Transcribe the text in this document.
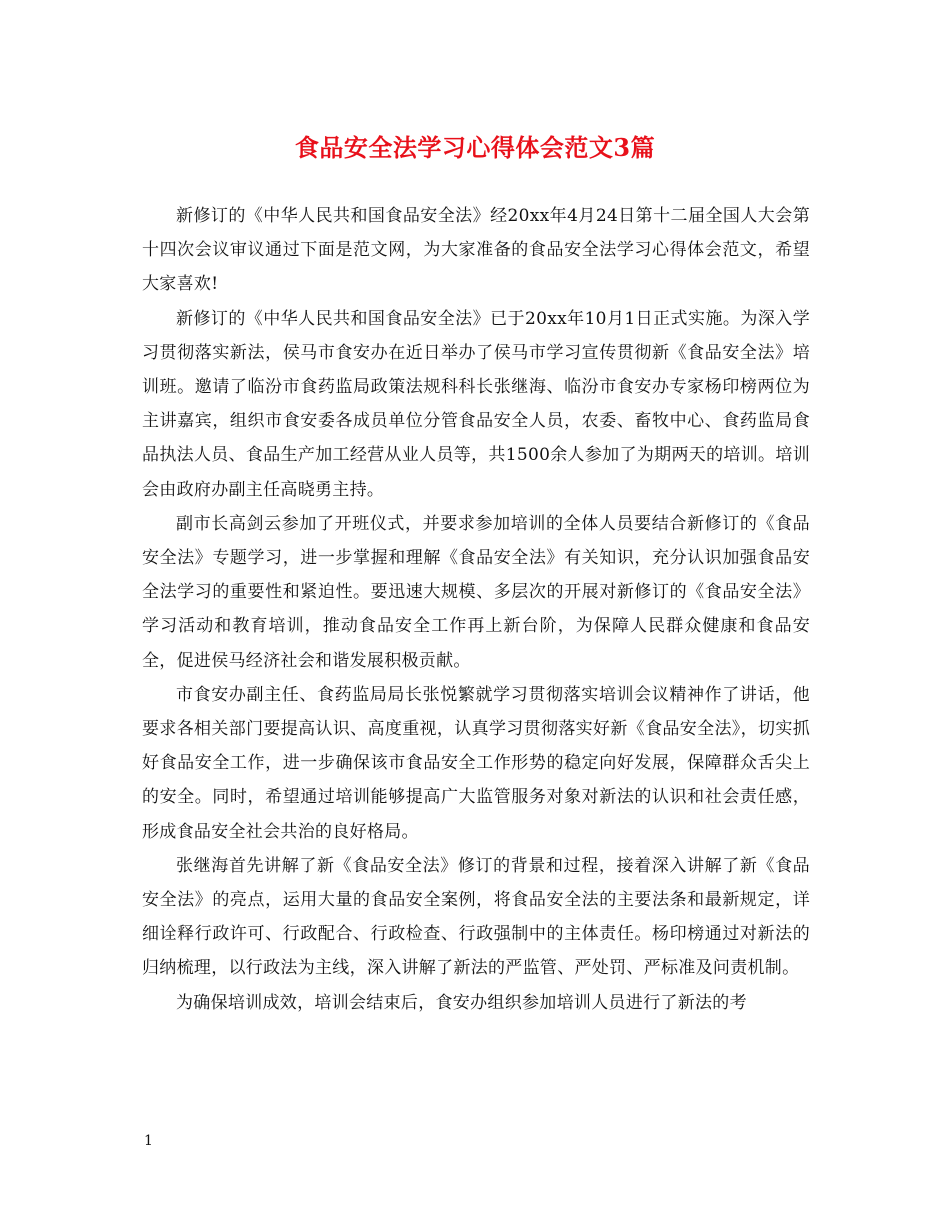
食品安全法学习心得体会范文3篇

新修订的《中华人民共和国食品安全法》经20xx年4月24日第十二届全国人大会第十四次会议审议通过下面是范文网，为大家准备的食品安全法学习心得体会范文，希望大家喜欢!

新修订的《中华人民共和国食品安全法》已于20xx年10月1日正式实施。为深入学习贯彻落实新法，侯马市食安办在近日举办了侯马市学习宣传贯彻新《食品安全法》培训班。邀请了临汾市食药监局政策法规科科长张继海、临汾市食安办专家杨印榜两位为主讲嘉宾，组织市食安委各成员单位分管食品安全人员，农委、畜牧中心、食药监局食品执法人员、食品生产加工经营从业人员等，共1500余人参加了为期两天的培训。培训会由政府办副主任高晓勇主持。

副市长高剑云参加了开班仪式，并要求参加培训的全体人员要结合新修订的《食品安全法》专题学习，进一步掌握和理解《食品安全法》有关知识，充分认识加强食品安全法学习的重要性和紧迫性。要迅速大规模、多层次的开展对新修订的《食品安全法》学习活动和教育培训，推动食品安全工作再上新台阶，为保障人民群众健康和食品安全，促进侯马经济社会和谐发展积极贡献。

市食安办副主任、食药监局局长张悦繁就学习贯彻落实培训会议精神作了讲话，他要求各相关部门要提高认识、高度重视，认真学习贯彻落实好新《食品安全法》，切实抓好食品安全工作，进一步确保该市食品安全工作形势的稳定向好发展，保障群众舌尖上的安全。同时，希望通过培训能够提高广大监管服务对象对新法的认识和社会责任感，形成食品安全社会共治的良好格局。

张继海首先讲解了新《食品安全法》修订的背景和过程，接着深入讲解了新《食品安全法》的亮点，运用大量的食品安全案例，将食品安全法的主要法条和最新规定，详细诠释行政许可、行政配合、行政检查、行政强制中的主体责任。杨印榜通过对新法的归纳梳理，以行政法为主线，深入讲解了新法的严监管、严处罚、严标准及问责机制。

为确保培训成效，培训会结束后，食安办组织参加培训人员进行了新法的考

1
